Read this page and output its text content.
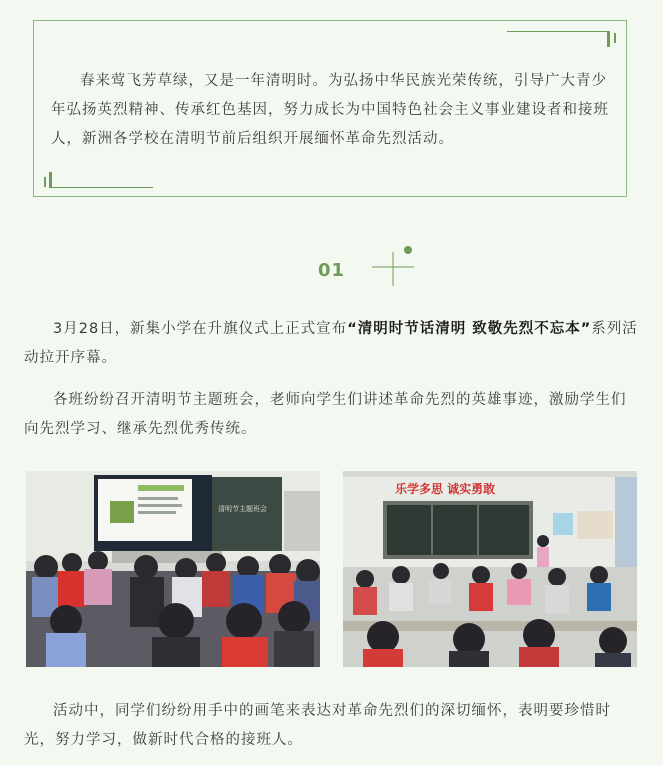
春来莺飞芳草绿，又是一年清明时。为弘扬中华民族光荣传统，引导广大青少年弘扬英烈精神、传承红色基因，努力成长为中国特色社会主义事业建设者和接班人，新洲各学校在清明节前后组织开展缅怀革命先烈活动。

01

3月28日，新集小学在升旗仪式上正式宣布“清明时节话清明 致敬先烈不忘本”系列活动拉开序幕。

各班纷纷召开清明节主题班会，老师向学生们讲述革命先烈的英雄事迹，激励学生们向先烈学习、继承先烈优秀传统。

清明节主题班会
乐学多思 诚实勇敢

活动中，同学们纷纷用手中的画笔来表达对革命先烈们的深切缅怀，表明要珍惜时光，努力学习，做新时代合格的接班人。
